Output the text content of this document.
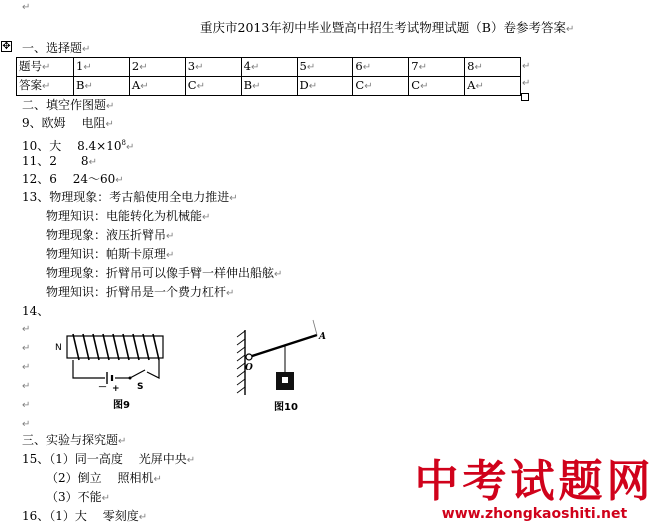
↵
重庆市2013年初中毕业暨高中招生考试物理试题（B）卷参考答案↵
✥ 一、选择题↵
题号↵	1↵	2↵	3↵	4↵	5↵	6↵	7↵	8↵
答案↵	B↵	A↵	C↵	B↵	D↵	C↵	C↵	A↵
二、填空作图题↵
9、欧姆　 电阻↵
10、大　 $8.4\times 10^8↵$
11、2　　8↵
12、6　 24～60↵
13、物理现象：考古船使用全电力推进↵
物理知识：电能转化为机械能↵
物理现象：液压折臂吊↵
物理知识：帕斯卡原理↵
物理现象：折臂吊可以像手臂一样伸出船舷↵
物理知识：折臂吊是一个费力杠杆↵
14、
↵
↵
↵
↵
↵
↵
N
－ + S
图9
A
O
图10
三、实验与探究题↵
15、（1）同一高度　 光屏中央↵
（2）倒立　 照相机↵
（3）不能↵
16、（1）大　 零刻度↵
↵
↵
中考试题网
www.zhongkaoshiti.net
